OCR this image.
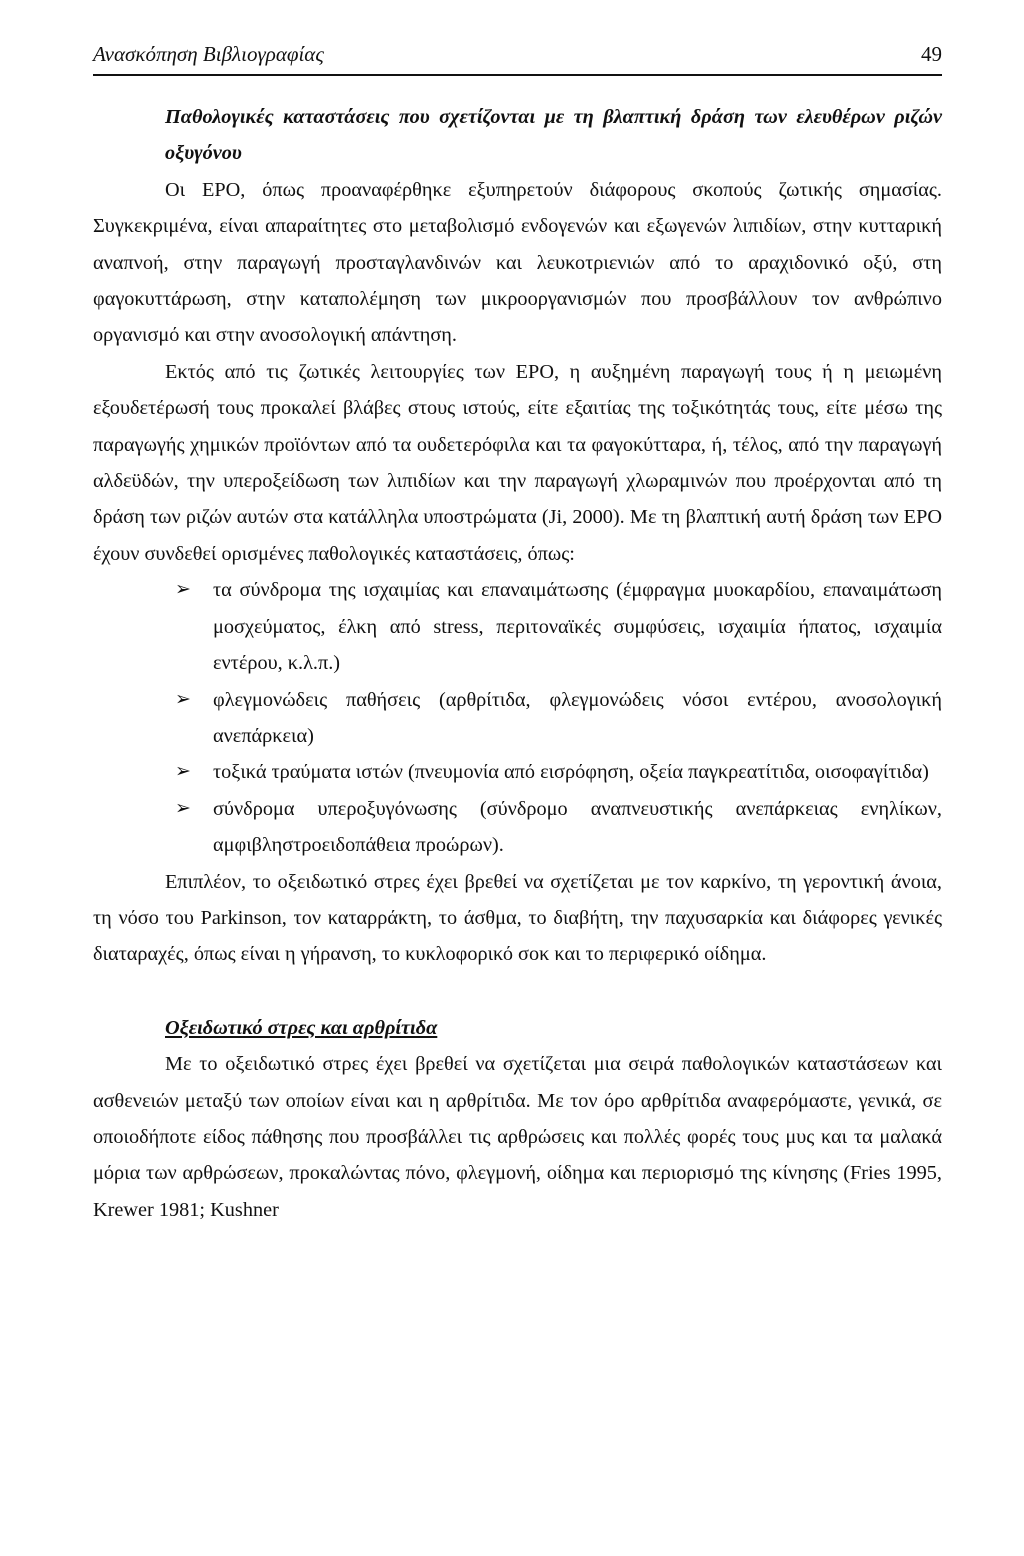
Ανασκόπηση Βιβλιογραφίας	49

Παθολογικές καταστάσεις που σχετίζονται με τη βλαπτική δράση των ελευθέρων ριζών οξυγόνου

Οι ΕΡΟ, όπως προαναφέρθηκε εξυπηρετούν διάφορους σκοπούς ζωτικής σημασίας. Συγκεκριμένα, είναι απαραίτητες στο μεταβολισμό ενδογενών και εξωγενών λιπιδίων, στην κυτταρική αναπνοή, στην παραγωγή προσταγλανδινών και λευκοτριενιών από το αραχιδονικό οξύ, στη φαγοκυττάρωση, στην καταπολέμηση των μικροοργανισμών που προσβάλλουν τον ανθρώπινο οργανισμό και στην ανοσολογική απάντηση.

Εκτός από τις ζωτικές λειτουργίες των ΕΡΟ, η αυξημένη παραγωγή τους ή η μειωμένη εξουδετέρωσή τους προκαλεί βλάβες στους ιστούς, είτε εξαιτίας της τοξικότητάς τους, είτε μέσω της παραγωγής χημικών προϊόντων από τα ουδετερόφιλα και τα φαγοκύτταρα, ή, τέλος, από την παραγωγή αλδεϋδών, την υπεροξείδωση των λιπιδίων και την παραγωγή χλωραμινών που προέρχονται από τη δράση των ριζών αυτών στα κατάλληλα υποστρώματα (Ji, 2000). Με τη βλαπτική αυτή δράση των ΕΡΟ έχουν συνδεθεί ορισμένες παθολογικές καταστάσεις, όπως:

➢ τα σύνδρομα της ισχαιμίας και επαναιμάτωσης (έμφραγμα μυοκαρδίου, επαναιμάτωση μοσχεύματος, έλκη από stress, περιτοναϊκές συμφύσεις, ισχαιμία ήπατος, ισχαιμία εντέρου, κ.λ.π.)
➢ φλεγμονώδεις παθήσεις (αρθρίτιδα, φλεγμονώδεις νόσοι εντέρου, ανοσολογική ανεπάρκεια)
➢ τοξικά τραύματα ιστών (πνευμονία από εισρόφηση, οξεία παγκρεατίτιδα, οισοφαγίτιδα)
➢ σύνδρομα υπεροξυγόνωσης (σύνδρομο αναπνευστικής ανεπάρκειας ενηλίκων, αμφιβληστροειδοπάθεια προώρων).

Επιπλέον, το οξειδωτικό στρες έχει βρεθεί να σχετίζεται με τον καρκίνο, τη γεροντική άνοια, τη νόσο του Parkinson, τον καταρράκτη, το άσθμα, το διαβήτη, την παχυσαρκία και διάφορες γενικές διαταραχές, όπως είναι η γήρανση, το κυκλοφορικό σοκ και το περιφερικό οίδημα.

Οξειδωτικό στρες και αρθρίτιδα

Με το οξειδωτικό στρες έχει βρεθεί να σχετίζεται μια σειρά παθολογικών καταστάσεων και ασθενειών μεταξύ των οποίων είναι και η αρθρίτιδα. Με τον όρο αρθρίτιδα αναφερόμαστε, γενικά, σε οποιοδήποτε είδος πάθησης που προσβάλλει τις αρθρώσεις και πολλές φορές τους μυς και τα μαλακά μόρια των αρθρώσεων, προκαλώντας πόνο, φλεγμονή, οίδημα και περιορισμό της κίνησης (Fries 1995, Krewer 1981; Kushner
